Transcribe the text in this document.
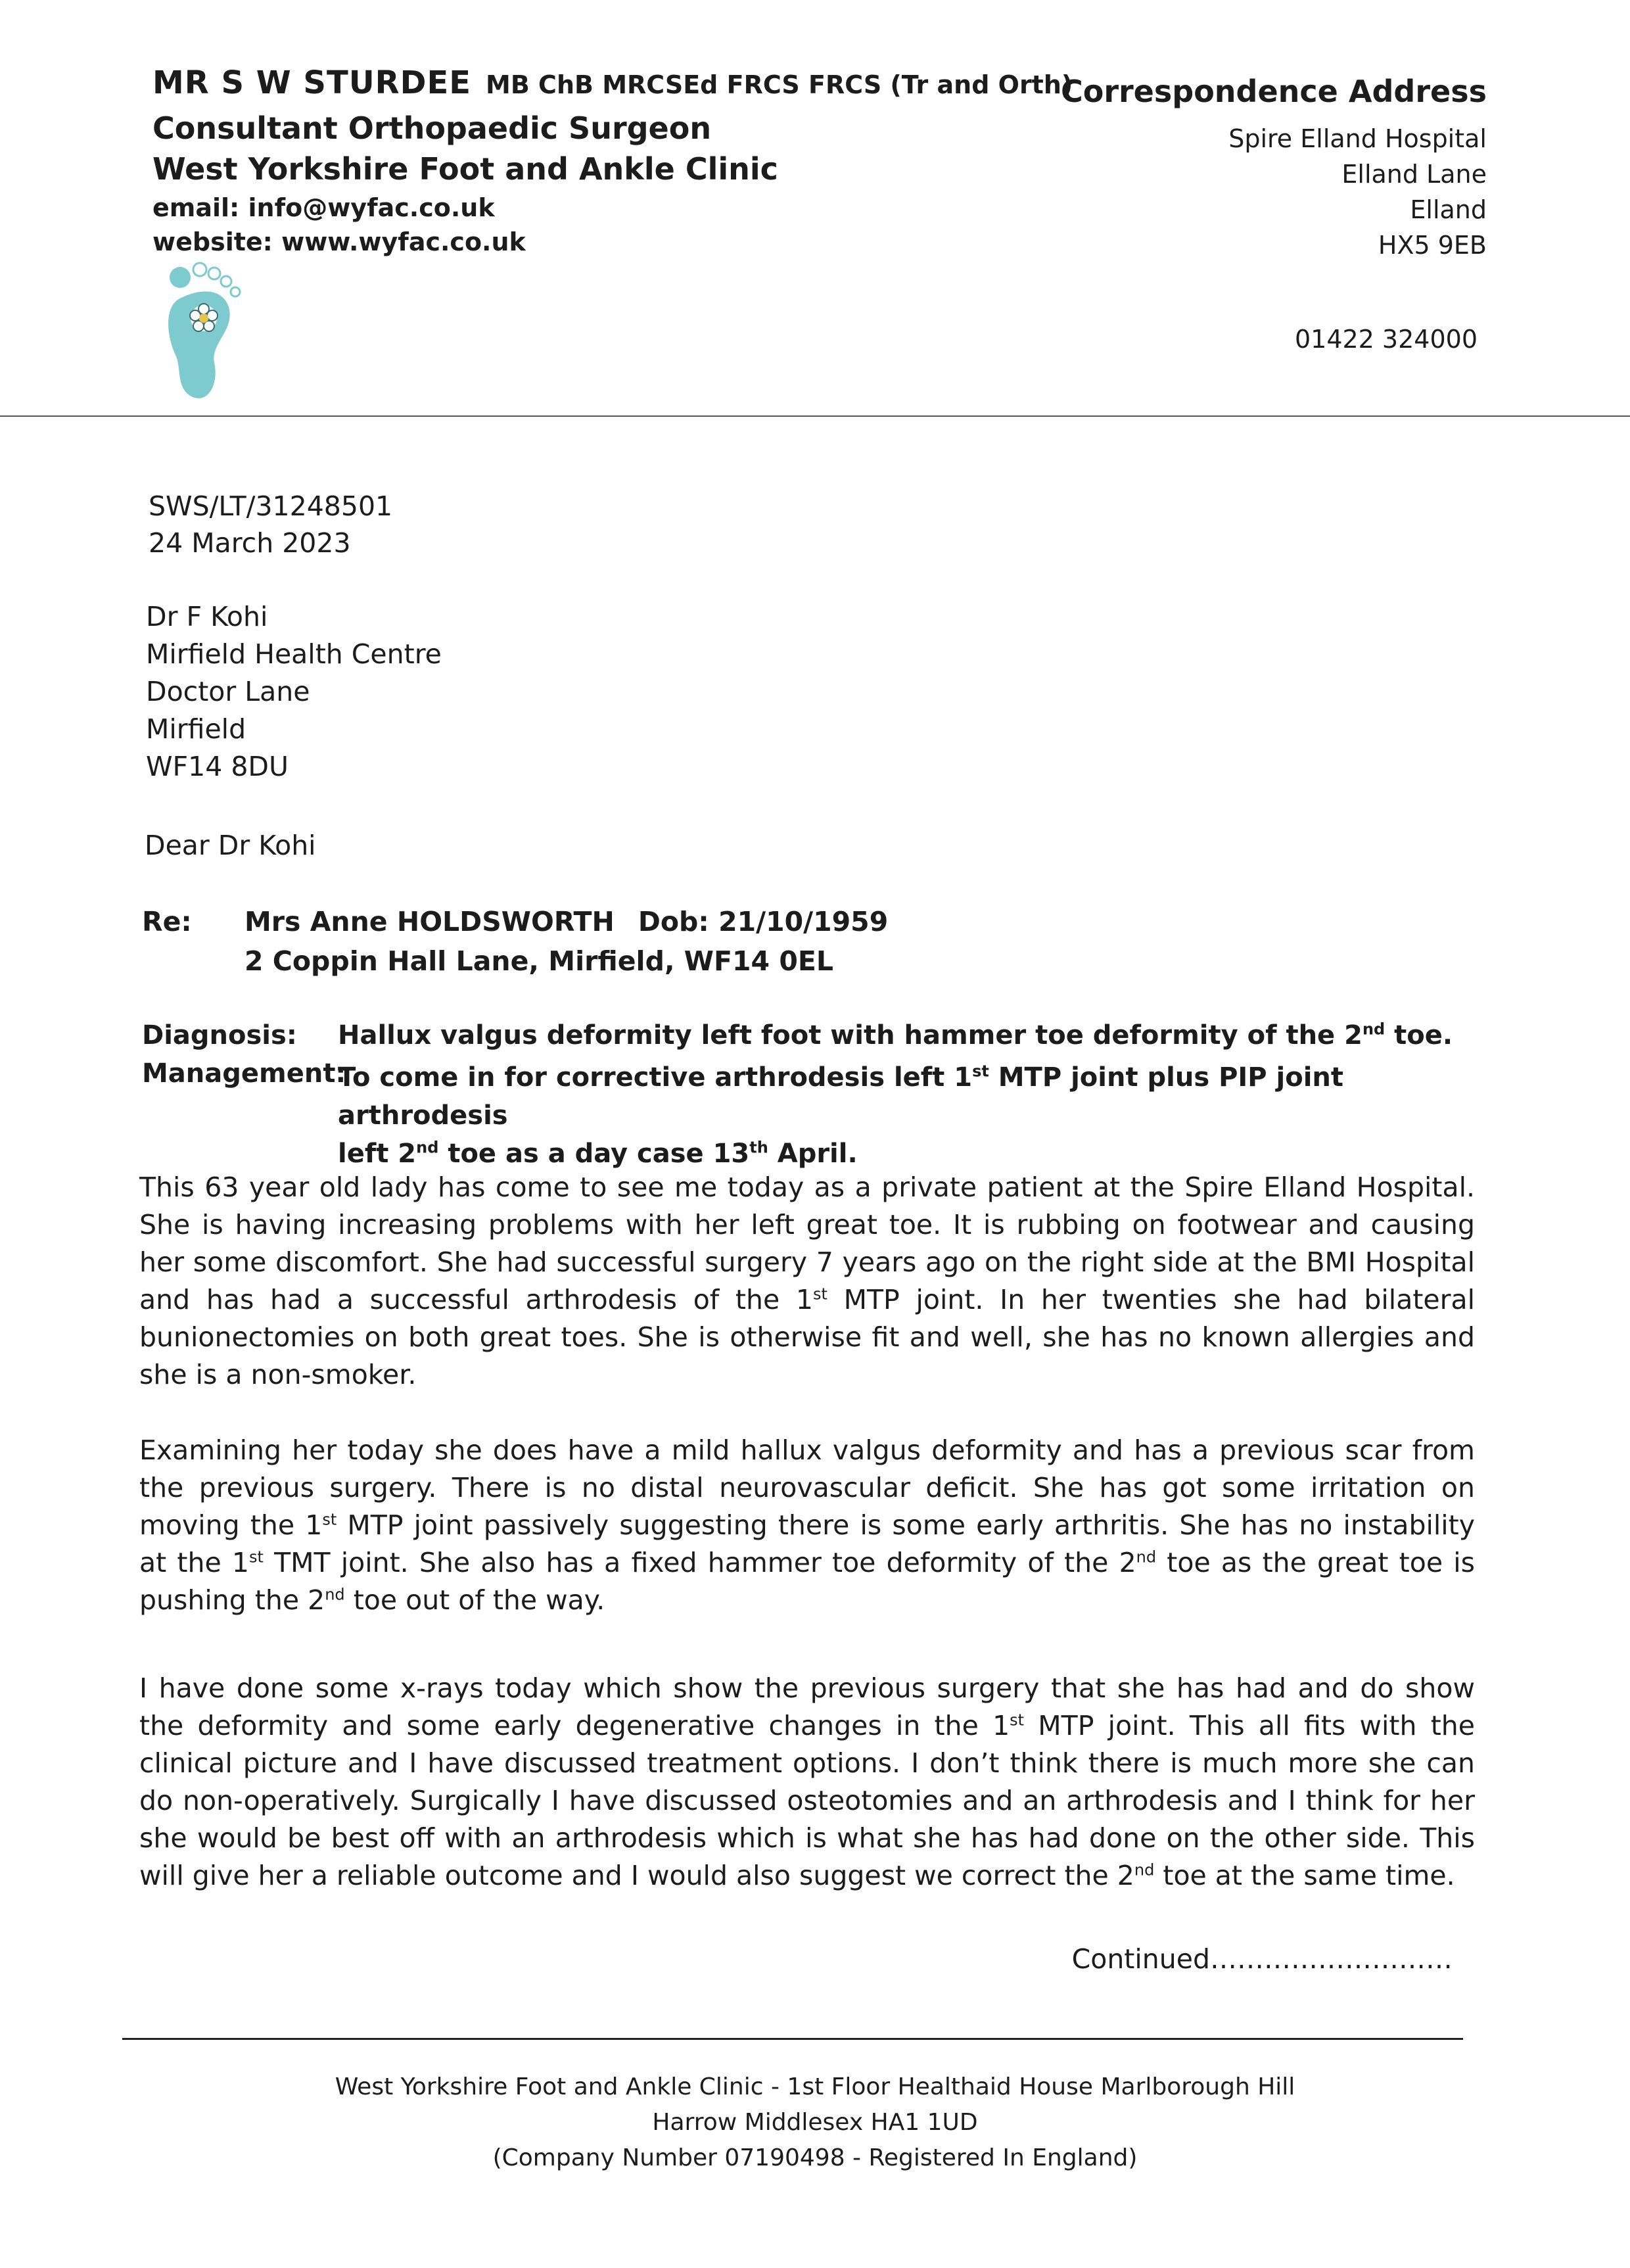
MR S W STURDEE MB ChB MRCSEd FRCS FRCS (Tr and Orth)
Consultant Orthopaedic Surgeon
West Yorkshire Foot and Ankle Clinic
email: info@wyfac.co.uk
website: www.wyfac.co.uk
Correspondence Address
Spire Elland Hospital
Elland Lane
Elland
HX5 9EB
01422 324000
SWS/LT/31248501
24 March 2023
Dr F Kohi
Mirfield Health Centre
Doctor Lane
Mirfield
WF14 8DU
Dear Dr Kohi
Re: Mrs Anne HOLDSWORTH Dob: 21/10/1959
2 Coppin Hall Lane, Mirfield, WF14 0EL
Diagnosis: Hallux valgus deformity left foot with hammer toe deformity of the 2nd toe.
Management:
To come in for corrective arthrodesis left 1st MTP joint plus PIP joint arthrodesis
left 2nd toe as a day case 13th April.
This 63 year old lady has come to see me today as a private patient at the Spire Elland Hospital. She is having increasing problems with her left great toe. It is rubbing on footwear and causing her some discomfort. She had successful surgery 7 years ago on the right side at the BMI Hospital and has had a successful arthrodesis of the 1st MTP joint. In her twenties she had bilateral bunionectomies on both great toes. She is otherwise fit and well, she has no known allergies and she is a non-smoker.
Examining her today she does have a mild hallux valgus deformity and has a previous scar from the previous surgery. There is no distal neurovascular deficit. She has got some irritation on moving the 1st MTP joint passively suggesting there is some early arthritis. She has no instability at the 1st TMT joint. She also has a fixed hammer toe deformity of the 2nd toe as the great toe is pushing the 2nd toe out of the way.
I have done some x-rays today which show the previous surgery that she has had and do show the deformity and some early degenerative changes in the 1st MTP joint. This all fits with the clinical picture and I have discussed treatment options. I don’t think there is much more she can do non-operatively. Surgically I have discussed osteotomies and an arthrodesis and I think for her she would be best off with an arthrodesis which is what she has had done on the other side. This will give her a reliable outcome and I would also suggest we correct the 2nd toe at the same time.
Continued………………………
West Yorkshire Foot and Ankle Clinic - 1st Floor Healthaid House Marlborough Hill
Harrow Middlesex HA1 1UD
(Company Number 07190498 - Registered In England)
